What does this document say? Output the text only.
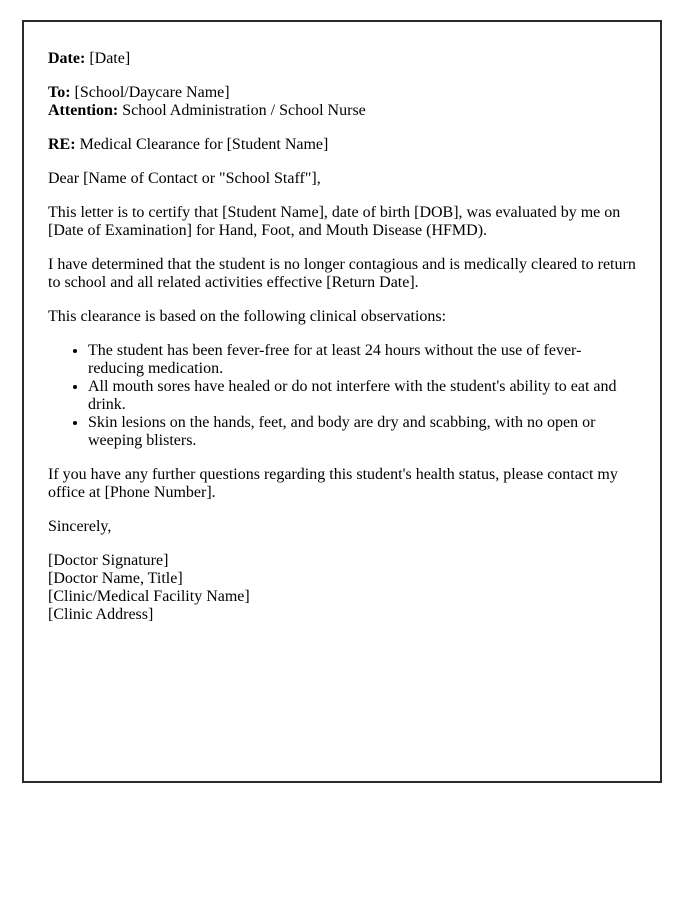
Date: [Date]
To: [School/Daycare Name]
Attention: School Administration / School Nurse
RE: Medical Clearance for [Student Name]
Dear [Name of Contact or "School Staff"],
This letter is to certify that [Student Name], date of birth [DOB], was evaluated by me on [Date of Examination] for Hand, Foot, and Mouth Disease (HFMD).
I have determined that the student is no longer contagious and is medically cleared to return to school and all related activities effective [Return Date].
This clearance is based on the following clinical observations:
• The student has been fever-free for at least 24 hours without the use of fever-reducing medication.
• All mouth sores have healed or do not interfere with the student's ability to eat and drink.
• Skin lesions on the hands, feet, and body are dry and scabbing, with no open or weeping blisters.
If you have any further questions regarding this student's health status, please contact my office at [Phone Number].
Sincerely,
[Doctor Signature]
[Doctor Name, Title]
[Clinic/Medical Facility Name]
[Clinic Address]
